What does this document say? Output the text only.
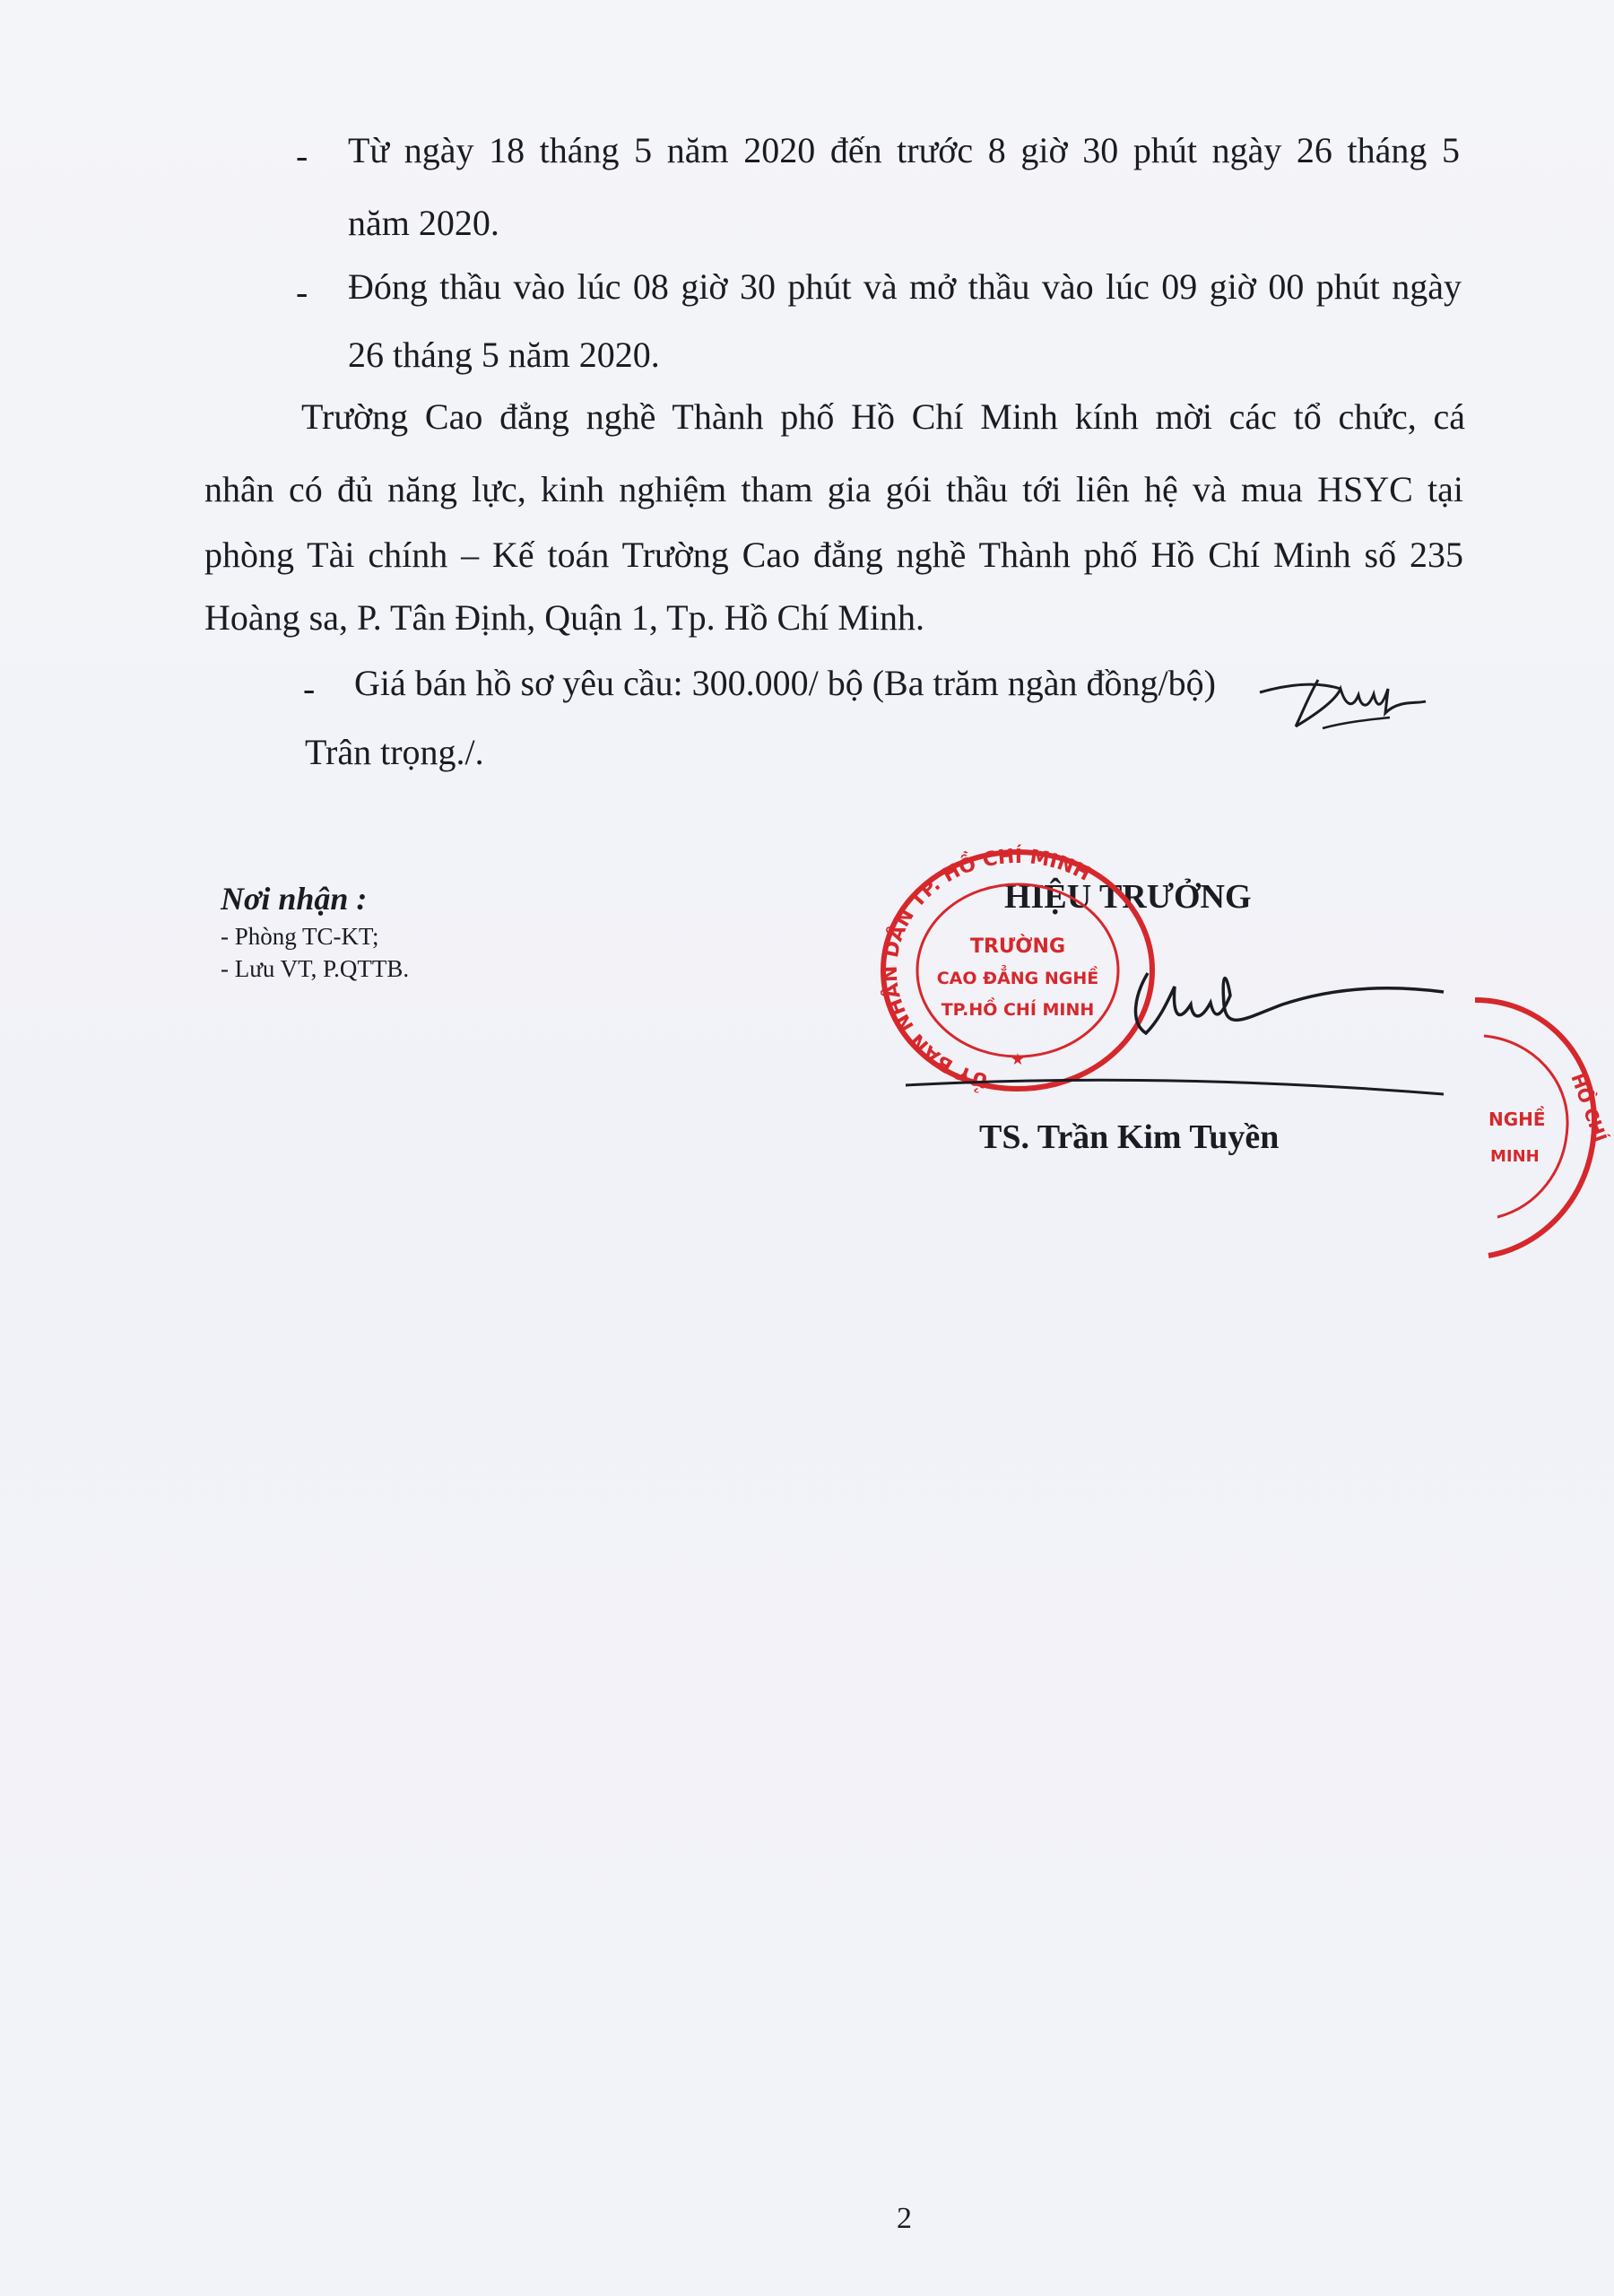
- Từ ngày 18 tháng 5 năm 2020 đến trước 8 giờ 30 phút ngày 26 tháng 5
năm 2020.
- Đóng thầu vào lúc 08 giờ 30 phút và mở thầu vào lúc 09 giờ 00 phút ngày
26 tháng 5 năm 2020.
Trường Cao đẳng nghề Thành phố Hồ Chí Minh kính mời các tổ chức, cá
nhân có đủ năng lực, kinh nghiệm tham gia gói thầu tới liên hệ và mua HSYC tại
phòng Tài chính – Kế toán Trường Cao đẳng nghề Thành phố Hồ Chí Minh số 235
Hoàng sa, P. Tân Định, Quận 1, Tp. Hồ Chí Minh.
- Giá bán hồ sơ yêu cầu: 300.000/ bộ (Ba trăm ngàn đồng/bộ)
Trân trọng./.
Nơi nhận :
- Phòng TC-KT;
- Lưu VT, P.QTTB.
HIỆU TRƯỞNG
ỦY BAN NHÂN DÂN TP. HỒ CHÍ MINH
TRƯỜNG
CAO ĐẲNG NGHỀ
TP.HỒ CHÍ MINH
★
TS. Trần Kim Tuyền	NGHỀ
MINH
HỒ CHÍ
2
